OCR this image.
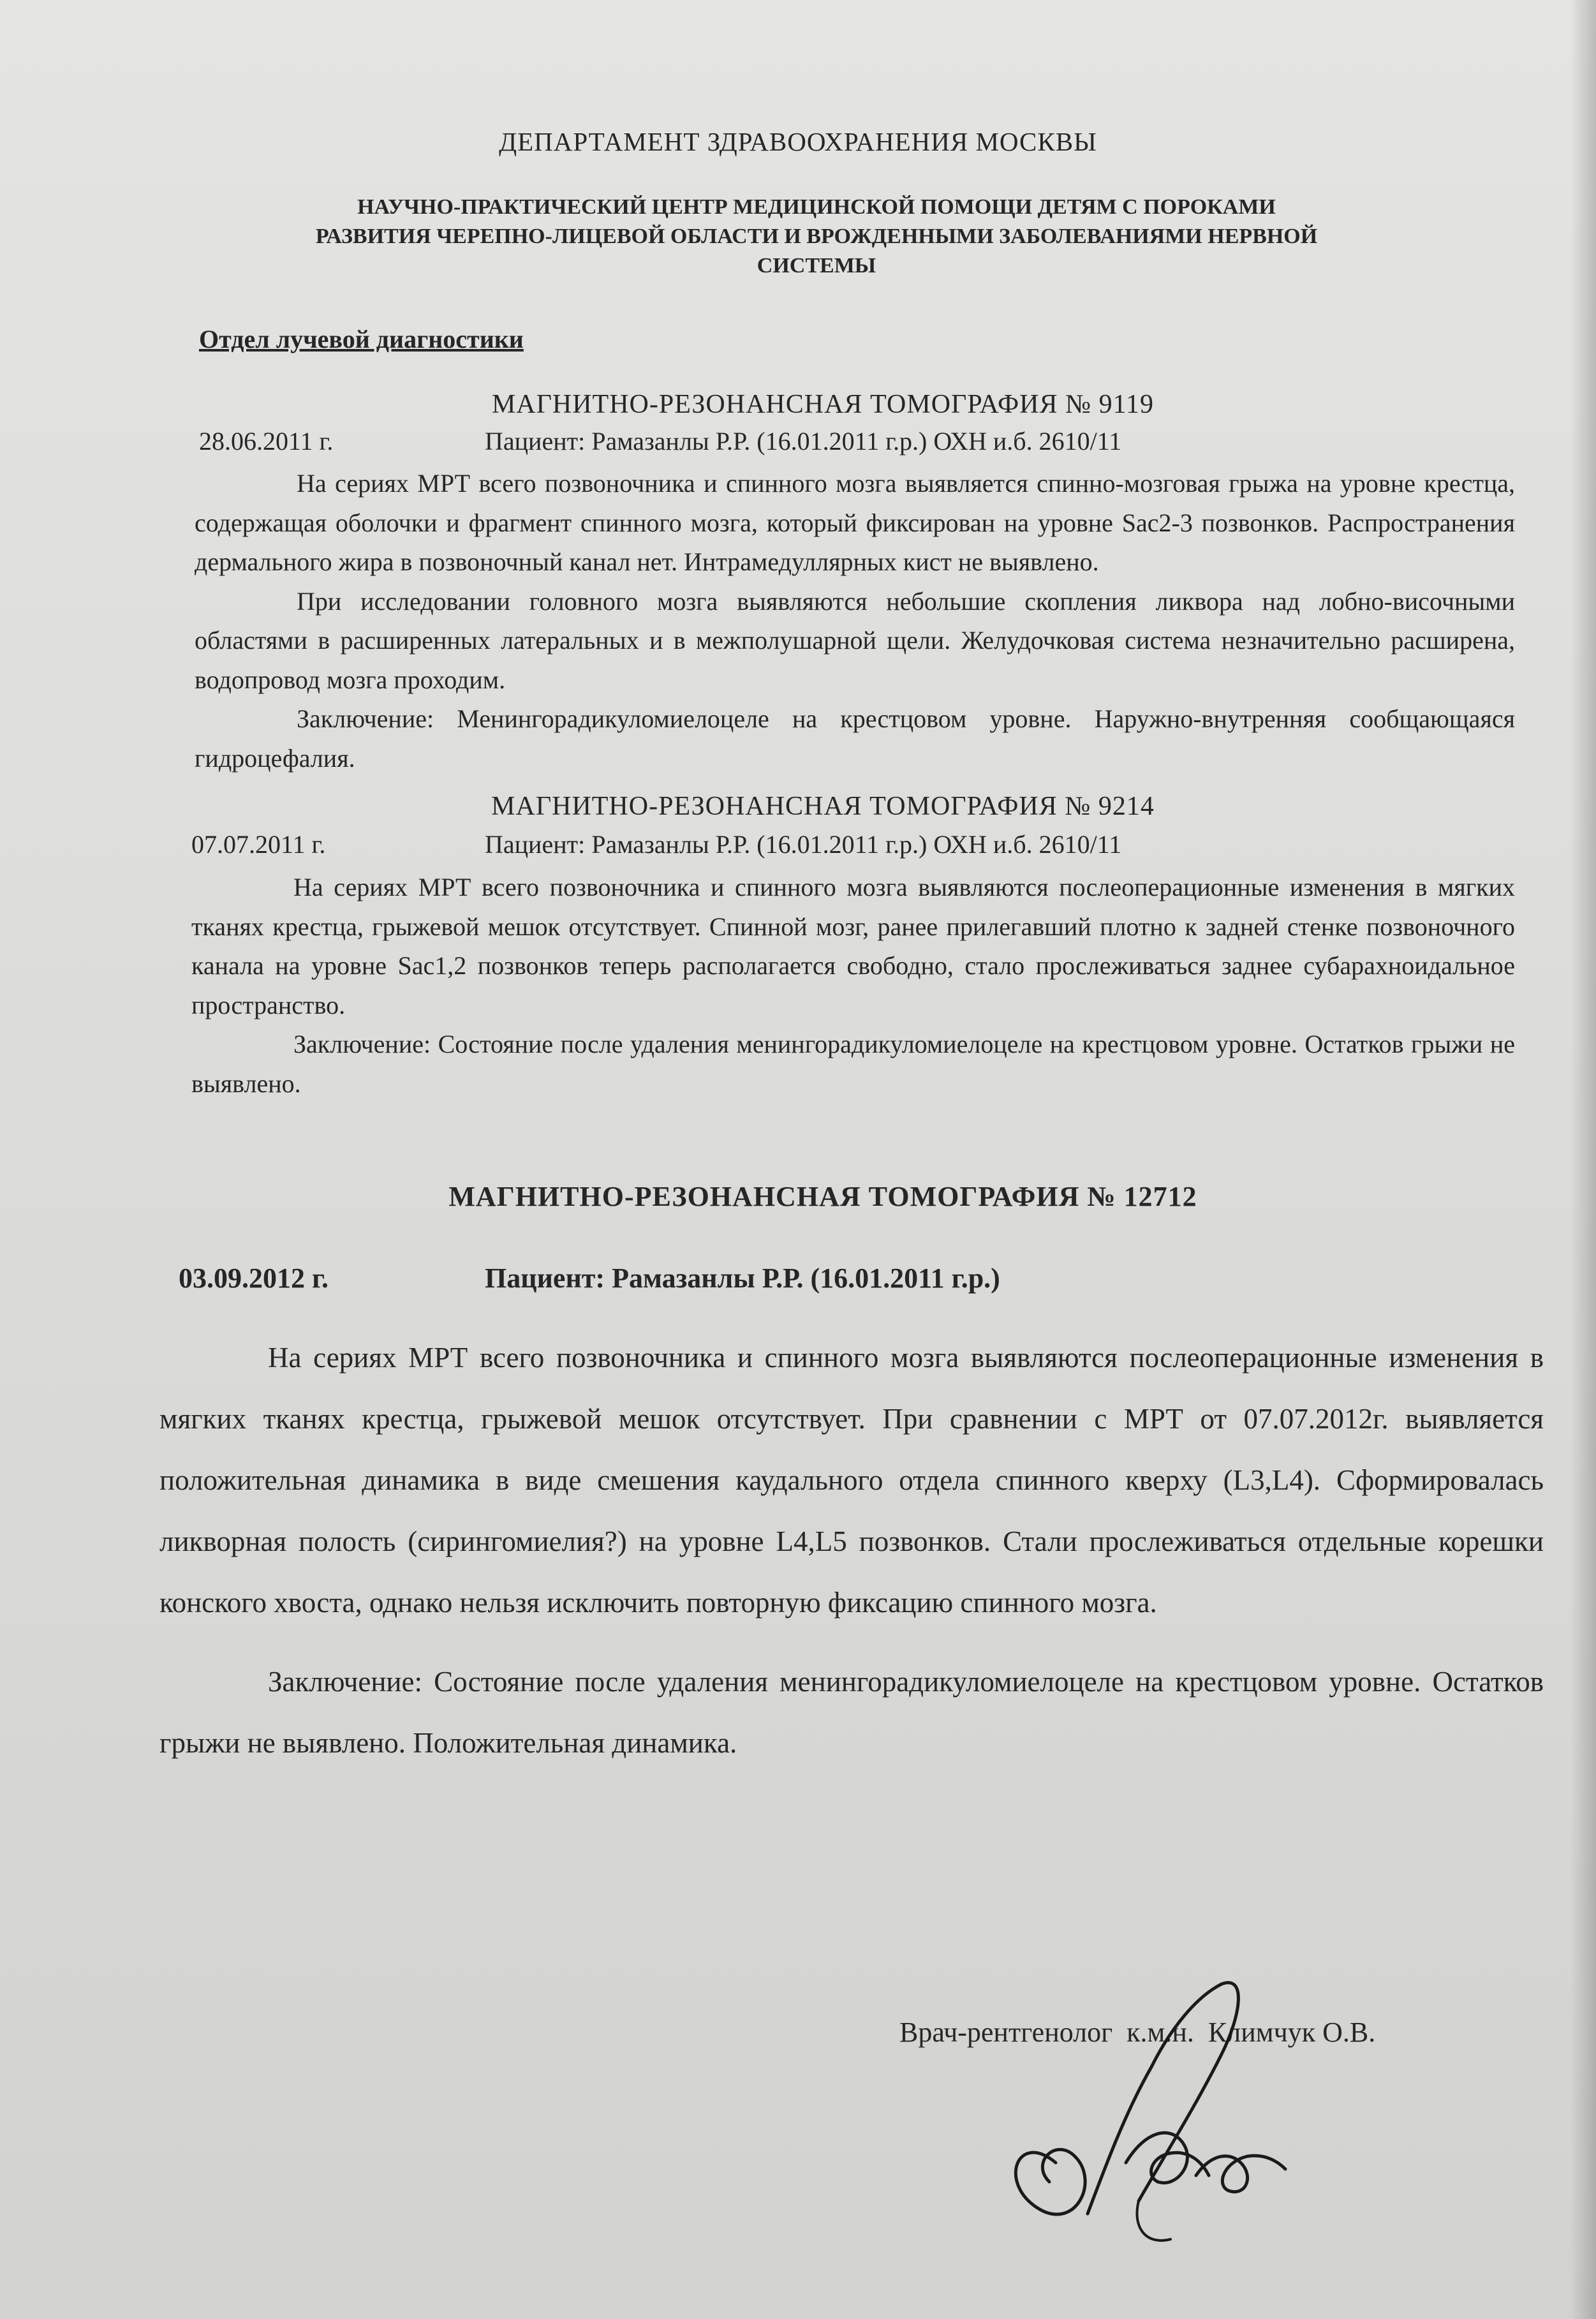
ДЕПАРТАМЕНТ ЗДРАВООХРАНЕНИЯ МОСКВЫ
НАУЧНО-ПРАКТИЧЕСКИЙ ЦЕНТР МЕДИЦИНСКОЙ ПОМОЩИ ДЕТЯМ С ПОРОКАМИ
РАЗВИТИЯ ЧЕРЕПНО-ЛИЦЕВОЙ ОБЛАСТИ И ВРОЖДЕННЫМИ ЗАБОЛЕВАНИЯМИ НЕРВНОЙ
СИСТЕМЫ
Отдел лучевой диагностики
МАГНИТНО-РЕЗОНАНСНАЯ ТОМОГРАФИЯ № 9119
28.06.2011 г.	Пациент: Рамазанлы Р.Р. (16.01.2011 г.р.) ОХН и.б. 2610/11

На сериях МРТ всего позвоночника и спинного мозга выявляется спинно-мозговая грыжа на уровне крестца, содержащая оболочки и фрагмент спинного мозга, который фиксирован на уровне Sac2-3 позвонков. Распространения дермального жира в позвоночный канал нет. Интрамедуллярных кист не выявлено.

При исследовании головного мозга выявляются небольшие скопления ликвора над лобно-височными областями в расширенных латеральных и в межполушарной щели. Желудочковая система незначительно расширена, водопровод мозга проходим.

Заключение: Менингорадикуломиелоцеле на крестцовом уровне. Наружно-внутренняя сообщающаяся гидроцефалия.

МАГНИТНО-РЕЗОНАНСНАЯ ТОМОГРАФИЯ № 9214
07.07.2011 г.	Пациент: Рамазанлы Р.Р. (16.01.2011 г.р.) ОХН и.б. 2610/11

На сериях МРТ всего позвоночника и спинного мозга выявляются послеоперационные изменения в мягких тканях крестца, грыжевой мешок отсутствует. Спинной мозг, ранее прилегавший плотно к задней стенке позвоночного канала на уровне Sac1,2 позвонков теперь располагается свободно, стало прослеживаться заднее субарахноидальное пространство.

Заключение: Состояние после удаления менингорадикуломиелоцеле на крестцовом уровне. Остатков грыжи не выявлено.

МАГНИТНО-РЕЗОНАНСНАЯ ТОМОГРАФИЯ № 12712
03.09.2012 г.	Пациент: Рамазанлы Р.Р. (16.01.2011 г.р.)

На сериях МРТ всего позвоночника и спинного мозга выявляются послеоперационные изменения в мягких тканях крестца, грыжевой мешок отсутствует. При сравнении с МРТ от 07.07.2012г. выявляется положительная динамика в виде смешения каудального отдела спинного кверху (L3,L4). Сформировалась ликворная полость (сирингомиелия?) на уровне L4,L5 позвонков. Стали прослеживаться отдельные корешки конского хвоста, однако нельзя исключить повторную фиксацию спинного мозга.

Заключение: Состояние после удаления менингорадикуломиелоцеле на крестцовом уровне. Остатков грыжи не выявлено. Положительная динамика.

Врач-рентгенолог  к.м.н.  Климчук О.В.
